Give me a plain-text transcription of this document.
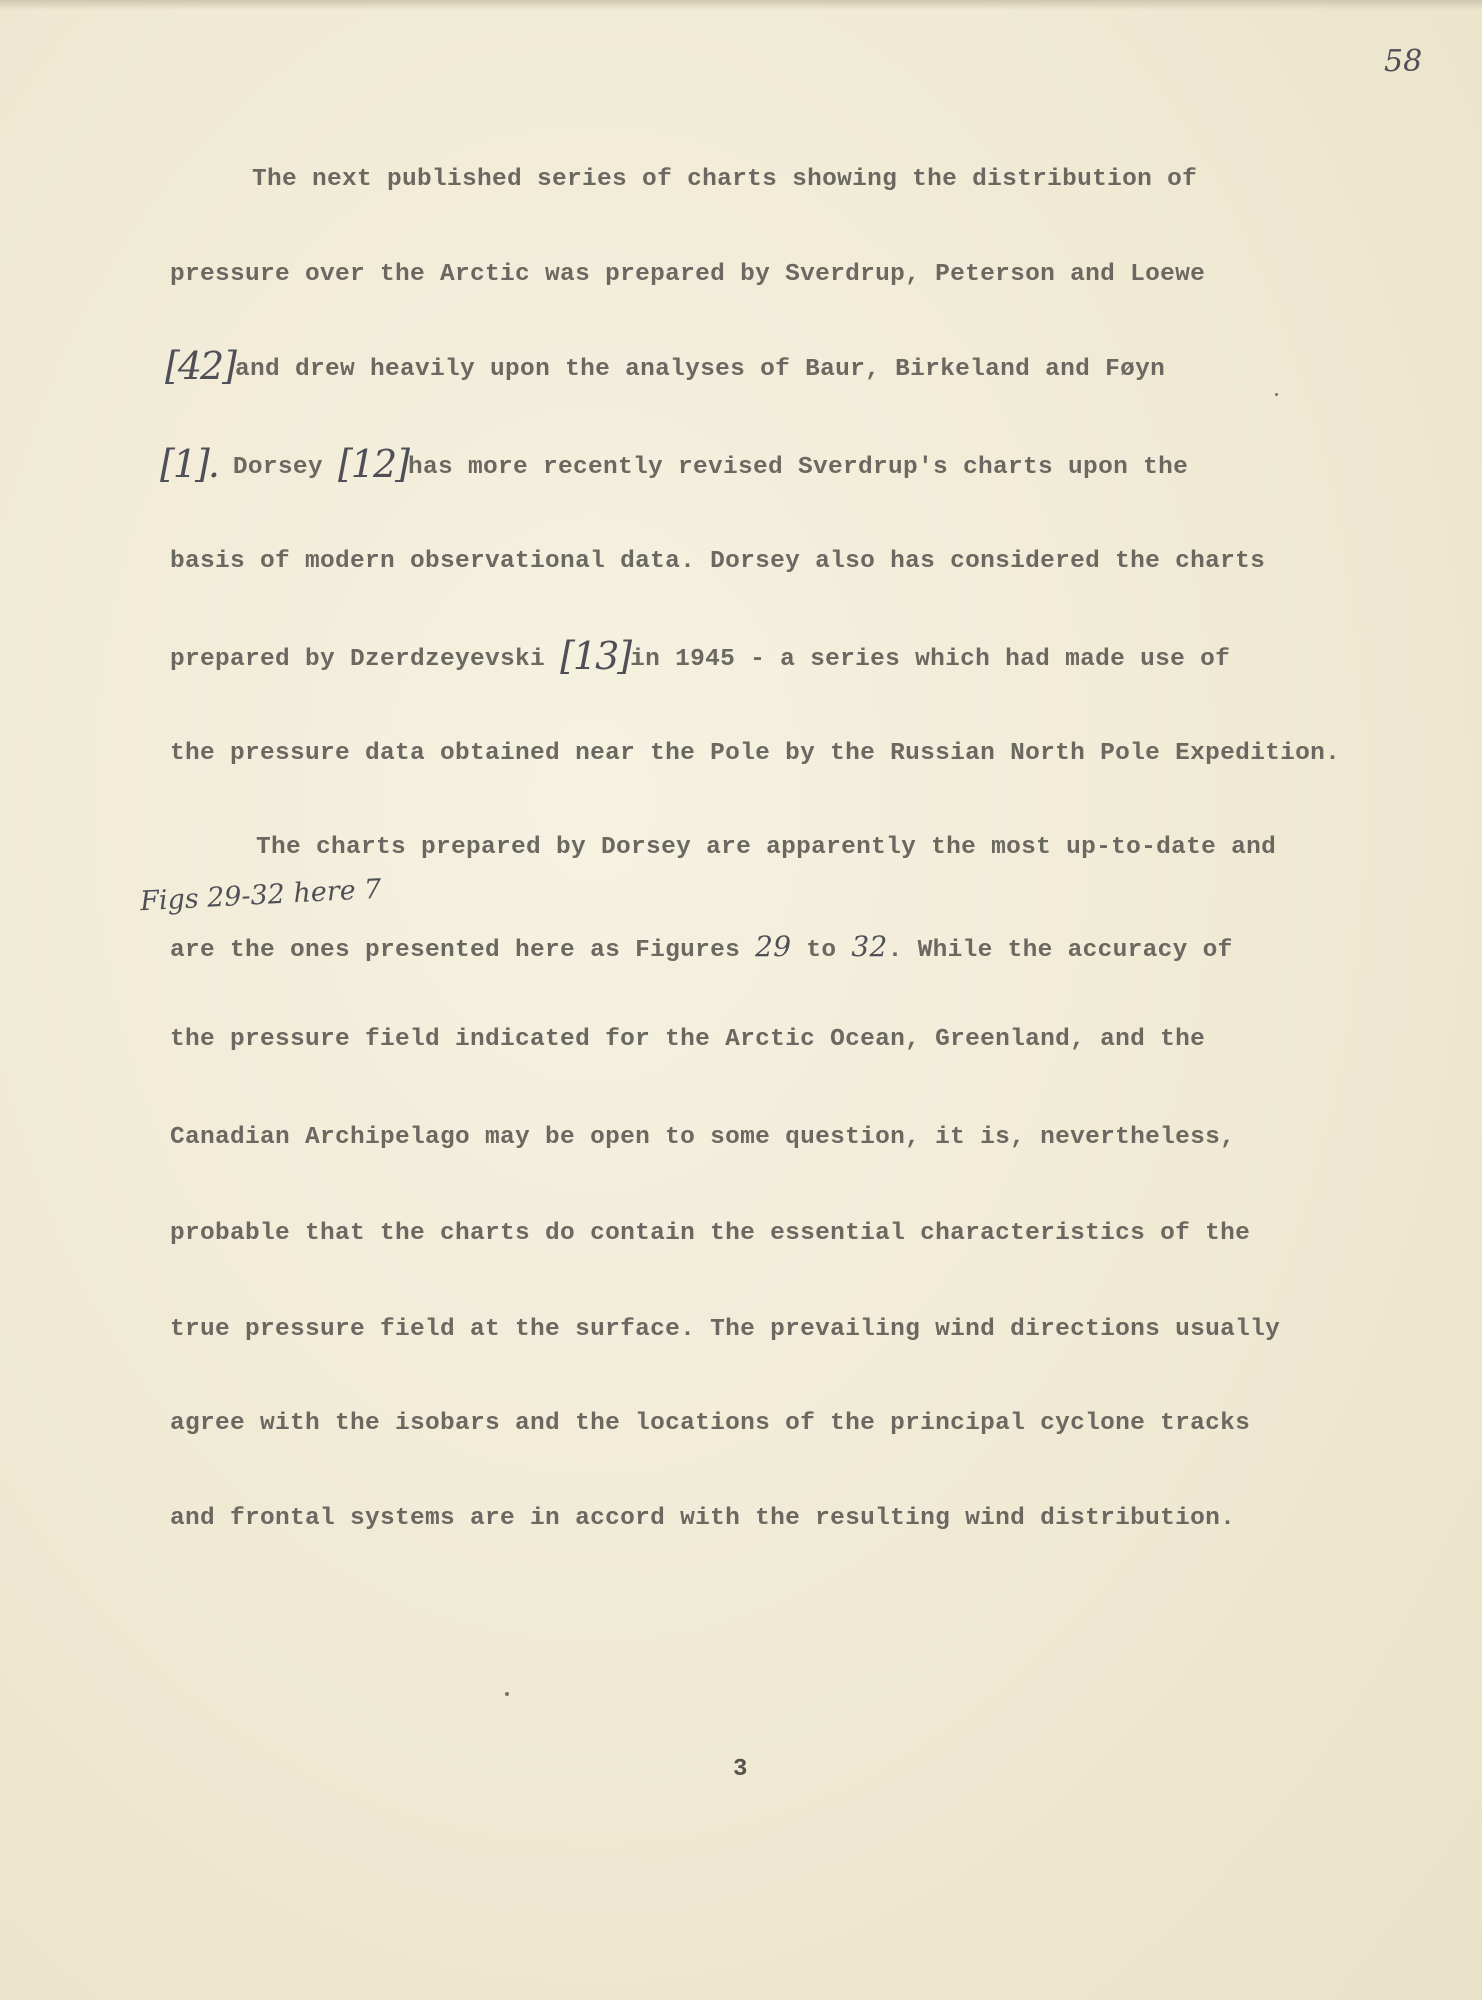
58
The next published series of charts showing the distribution of
pressure over the Arctic was prepared by Sverdrup, Peterson and Loewe
[42]and drew heavily upon the analyses of Baur, Birkeland and Føyn
[1]. Dorsey [12]has more recently revised Sverdrup's charts upon the
basis of modern observational data. Dorsey also has considered the charts
prepared by Dzerdzeyevski [13]in 1945 - a series which had made use of
the pressure data obtained near the Pole by the Russian North Pole Expedition.
The charts prepared by Dorsey are apparently the most up-to-date and
Figs 29-32 here 7
are the ones presented here as Figures 29 to 32. While the accuracy of
the pressure field indicated for the Arctic Ocean, Greenland, and the
Canadian Archipelago may be open to some question, it is, nevertheless,
probable that the charts do contain the essential characteristics of the
true pressure field at the surface. The prevailing wind directions usually
agree with the isobars and the locations of the principal cyclone tracks
and frontal systems are in accord with the resulting wind distribution.
3
